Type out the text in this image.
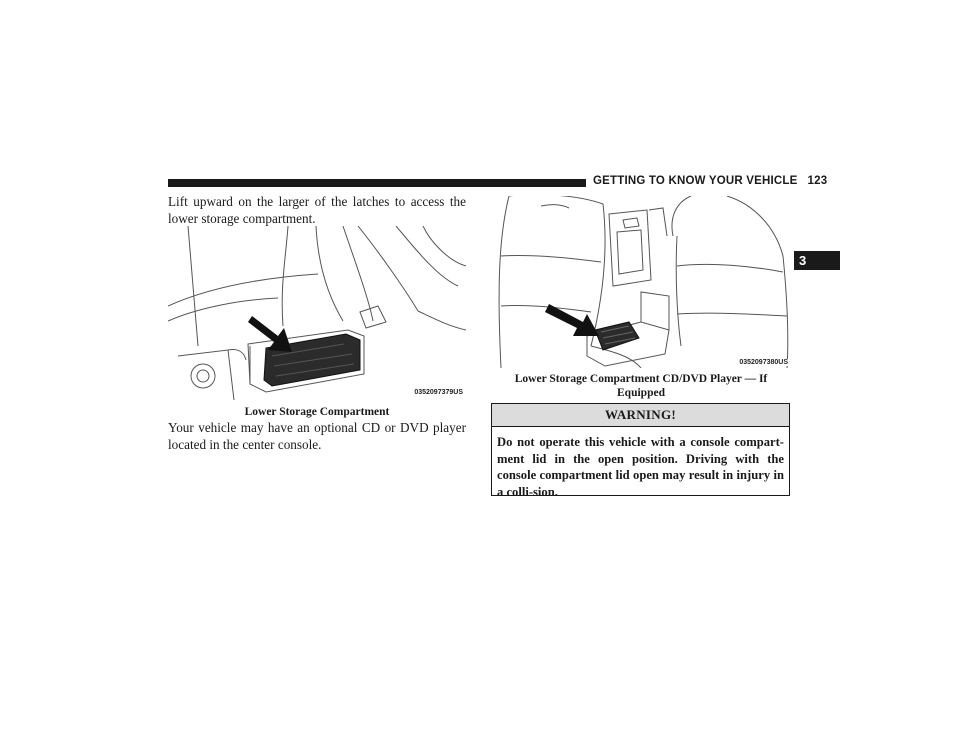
GETTING TO KNOW YOUR VEHICLE 123
3
Lift upward on the larger of the latches to access the lower storage compartment.
0352097379US
Lower Storage Compartment
Your vehicle may have an optional CD or DVD player located in the center console.
0352097380US
Lower Storage Compartment CD/DVD Player — If Equipped
WARNING!
Do not operate this vehicle with a console compart-ment lid in the open position. Driving with the console compartment lid open may result in injury in a colli-sion.
